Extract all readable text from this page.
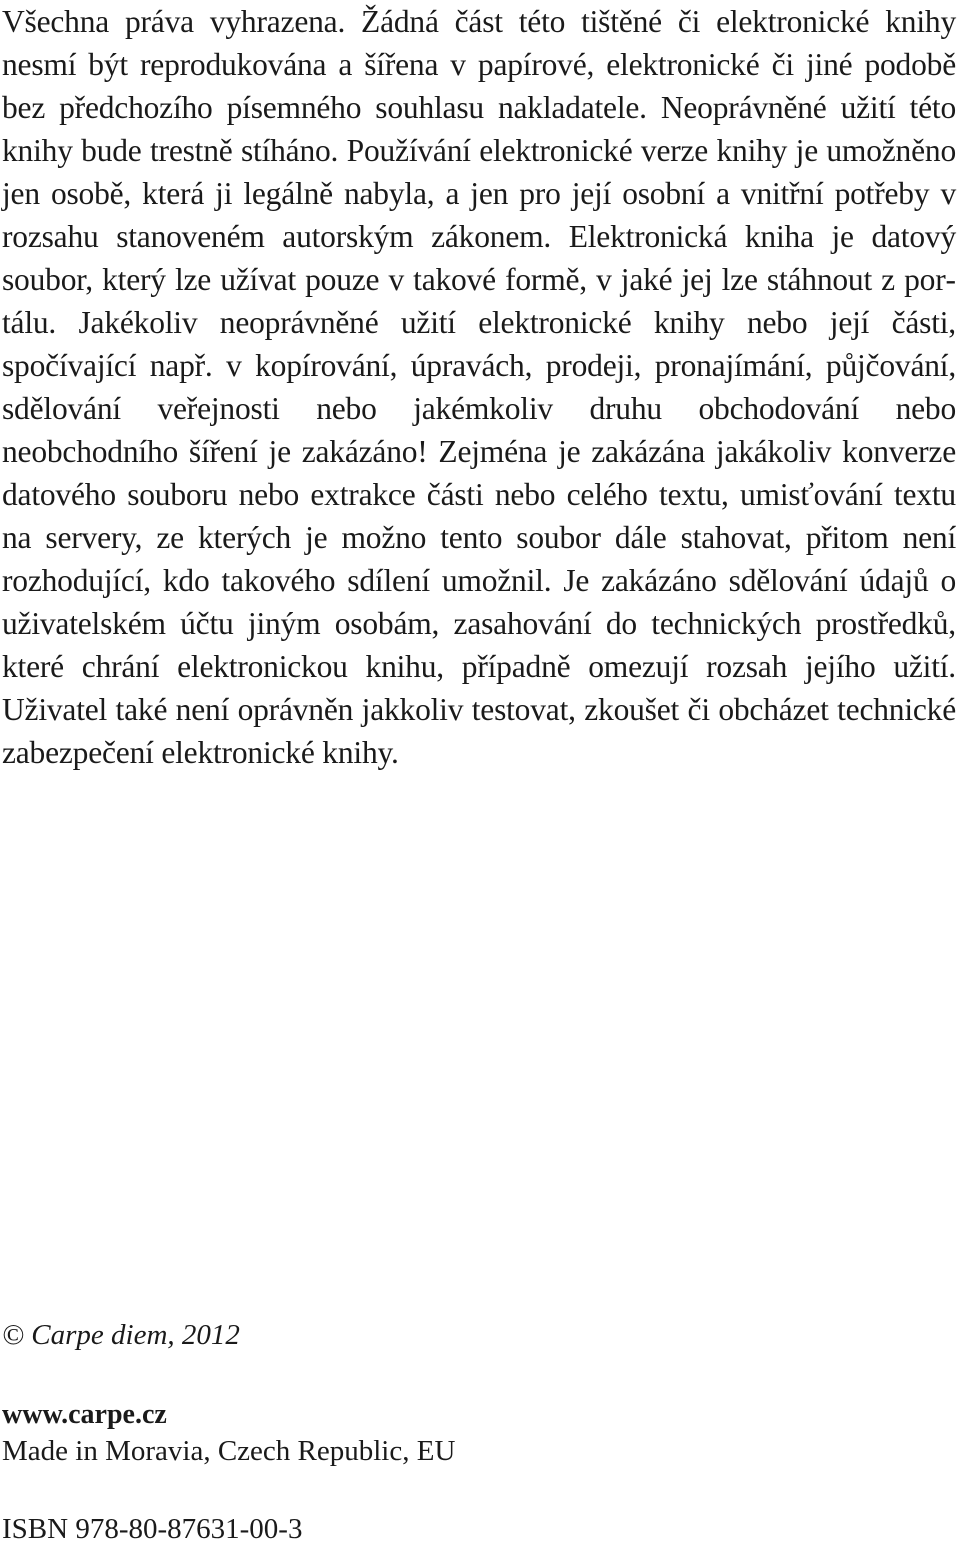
Všechna práva vyhrazena. Žádná část této tištěné či elektronické knihy nesmí být reprodukována a šířena v papírové, elektronické či jiné podobě bez předchozího písemného souhlasu nakladatele. Neoprávněné užití této knihy bude trestně stíháno. Používání elektronické verze knihy je umožněno jen osobě, která ji legálně nabyla, a jen pro její osobní a vnitřní potřeby v rozsahu stanoveném autorským zákonem. Elektronická kniha je datový soubor, který lze užívat pouze v takové formě, v jaké jej lze stáhnout z portálu. Jakékoliv neoprávněné užití elektronické knihy nebo její části, spočívající např. v kopírování, úpravách, prodeji, pronajímání, půjčování, sdělování veřejnosti nebo jakémkoliv druhu obchodování nebo neobchodního šíření je zakázáno! Zejména je zakázána jakákoliv konverze datového souboru nebo extrakce části nebo celého textu, umisťování textu na servery, ze kterých je možno tento soubor dále stahovat, přitom není rozhodující, kdo takového sdílení umožnil. Je zakázáno sdělování údajů o uživatelském účtu jiným osobám, zasahování do technických prostředků, které chrání elektronickou knihu, případně omezují rozsah jejího užití. Uživatel také není oprávněn jakkoliv testovat, zkoušet či obcházet technické zabezpečení elektronické knihy.

© Carpe diem, 2012

www.carpe.cz

Made in Moravia, Czech Republic, EU

ISBN 978-80-87631-00-3
